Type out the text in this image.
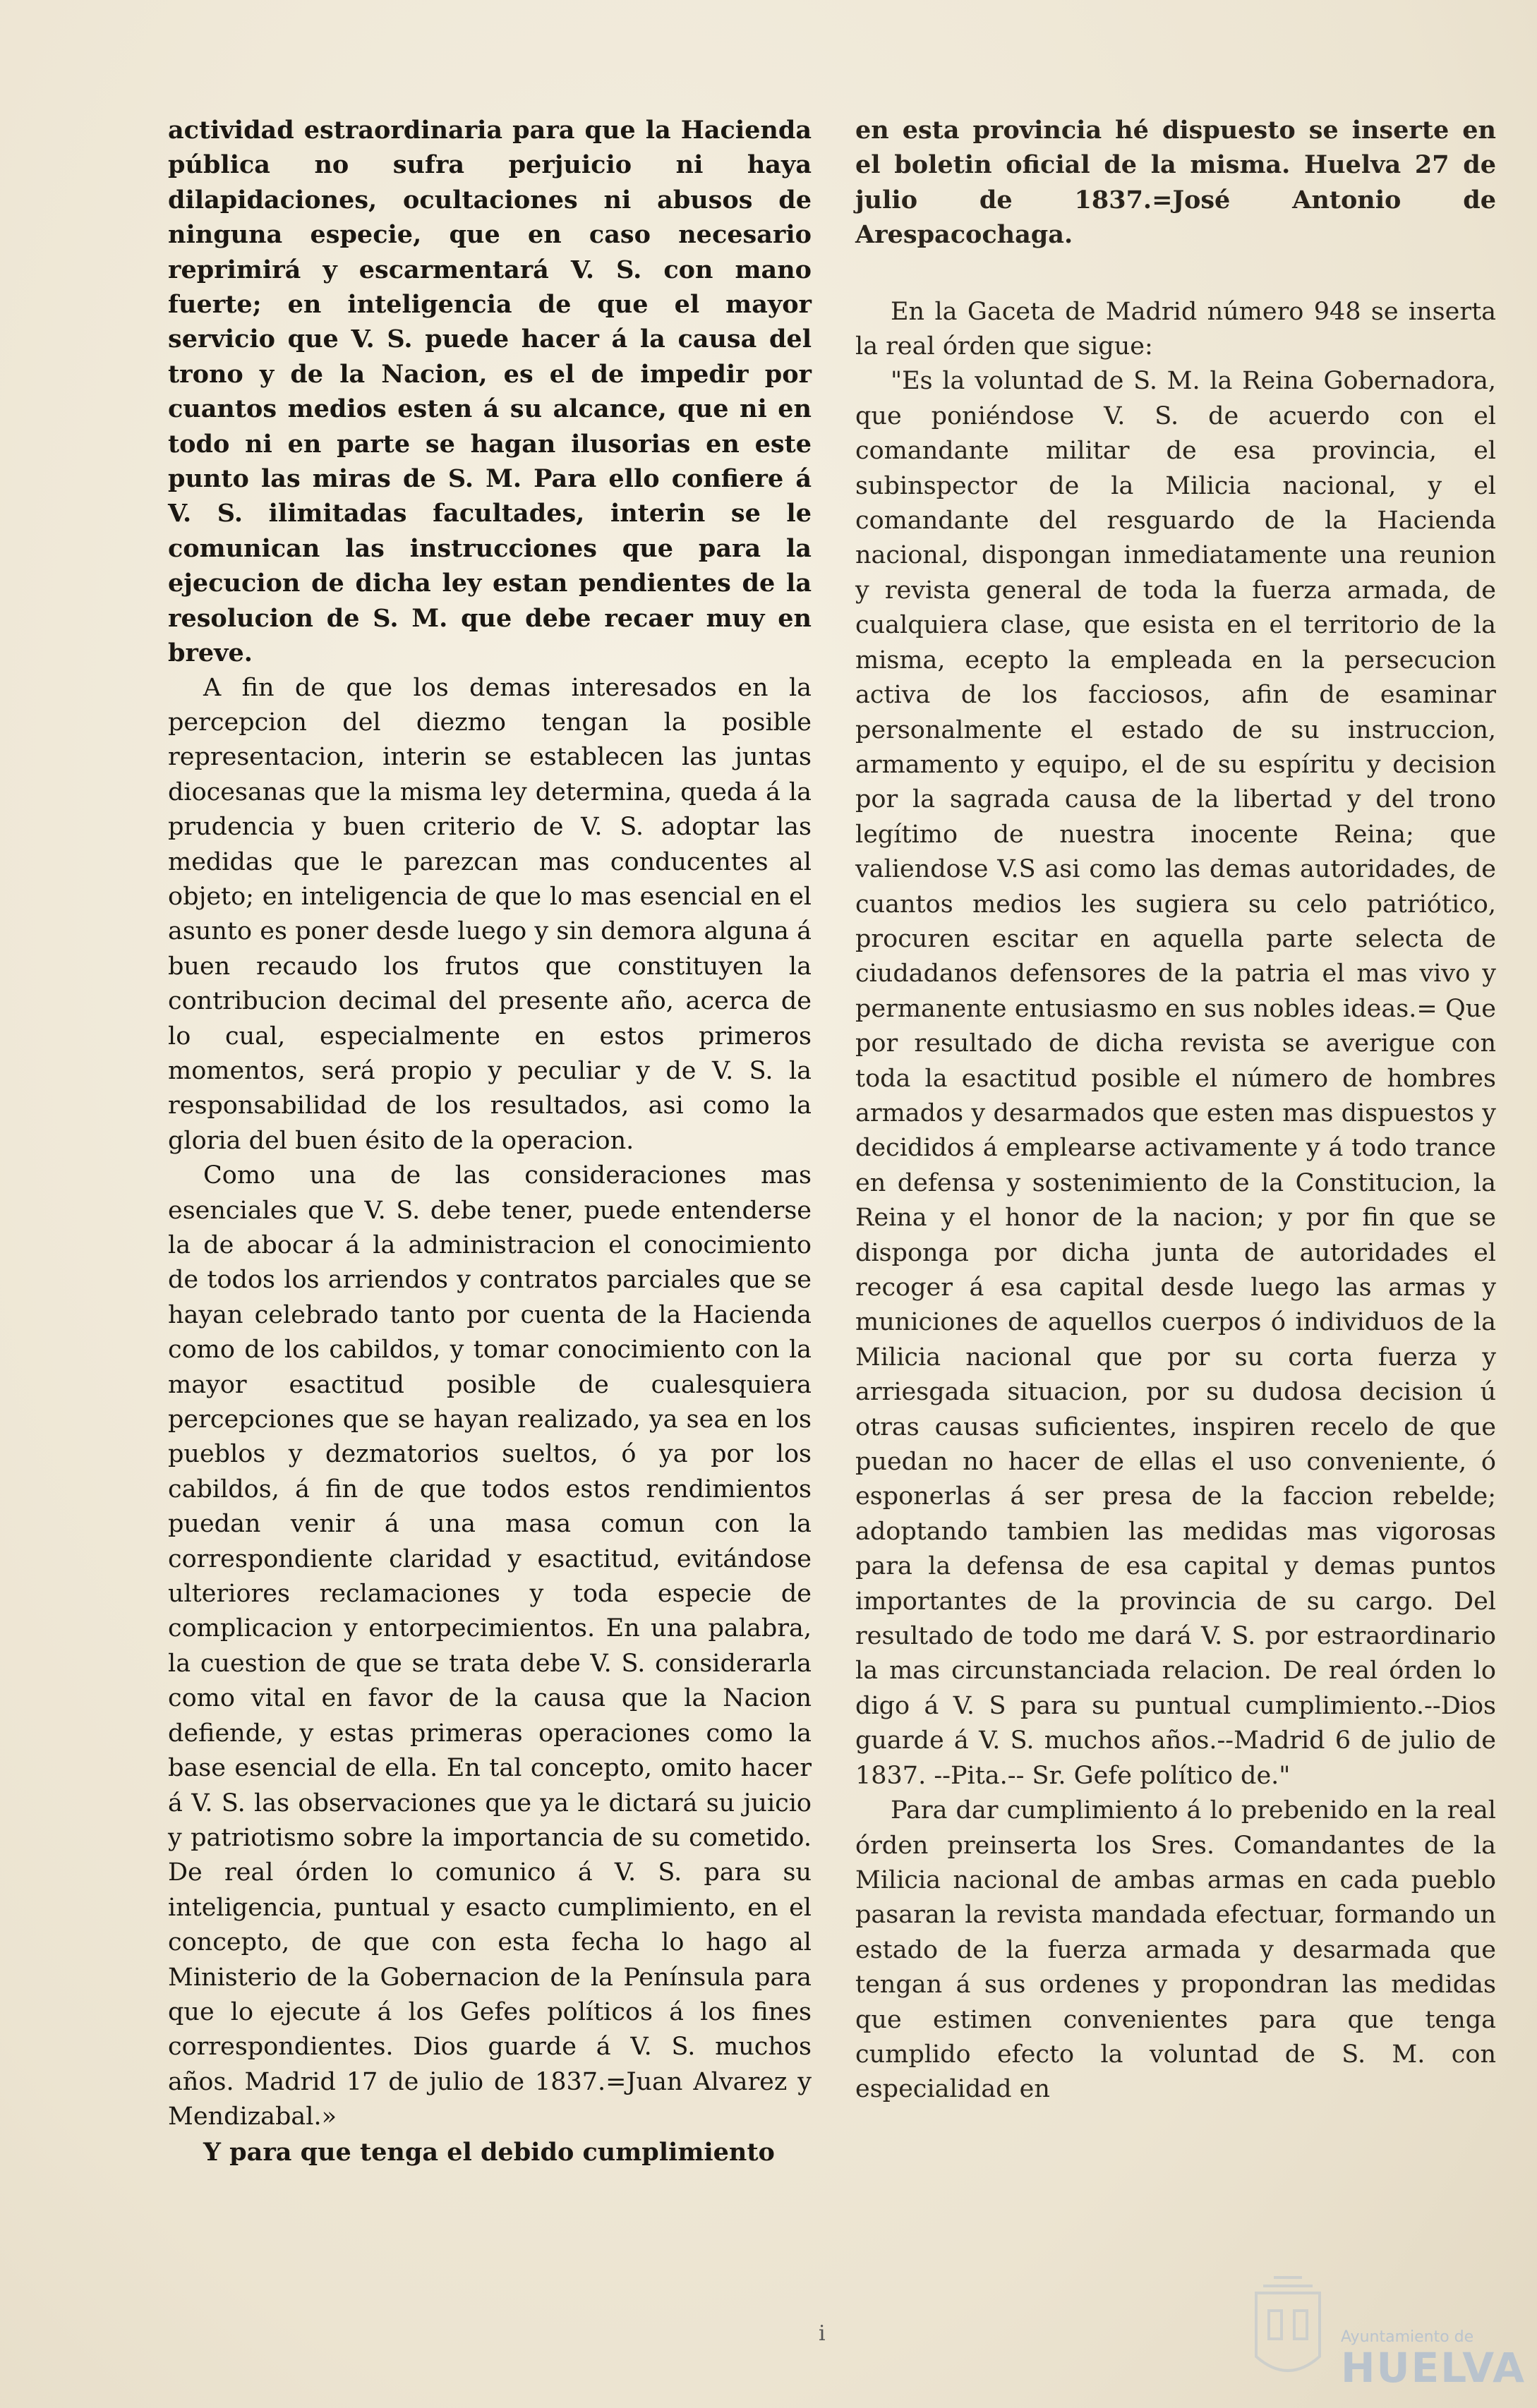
actividad estraordinaria para que la Hacienda pública no sufra perjuicio ni haya dilapidaciones, ocultaciones ni abusos de ninguna especie, que en caso necesario reprimirá y escarmentará V. S. con mano fuerte; en inteligencia de que el mayor servicio que V. S. puede hacer á la causa del trono y de la Nacion, es el de impedir por cuantos medios esten á su alcance, que ni en todo ni en parte se hagan ilusorias en este punto las miras de S. M. Para ello confiere á V. S. ilimitadas facultades, interin se le comunican las instrucciones que para la ejecucion de dicha ley estan pendientes de la resolucion de S. M. que debe recaer muy en breve.

A fin de que los demas interesados en la percepcion del diezmo tengan la posible representacion, interin se establecen las juntas diocesanas que la misma ley determina, queda á la prudencia y buen criterio de V. S. adoptar las medidas que le parezcan mas conducentes al objeto; en inteligencia de que lo mas esencial en el asunto es poner desde luego y sin demora alguna á buen recaudo los frutos que constituyen la contribucion decimal del presente año, acerca de lo cual, especialmente en estos primeros momentos, será propio y peculiar y de V. S. la responsabilidad de los resultados, asi como la gloria del buen ésito de la operacion.

Como una de las consideraciones mas esenciales que V. S. debe tener, puede entenderse la de abocar á la administracion el conocimiento de todos los arriendos y contratos parciales que se hayan celebrado tanto por cuenta de la Hacienda como de los cabildos, y tomar conocimiento con la mayor esactitud posible de cualesquiera percepciones que se hayan realizado, ya sea en los pueblos y dezmatorios sueltos, ó ya por los cabildos, á fin de que todos estos rendimientos puedan venir á una masa comun con la correspondiente claridad y esactitud, evitándose ulteriores reclamaciones y toda especie de complicacion y entorpecimientos. En una palabra, la cuestion de que se trata debe V. S. considerarla como vital en favor de la causa que la Nacion defiende, y estas primeras operaciones como la base esencial de ella. En tal concepto, omito hacer á V. S. las observaciones que ya le dictará su juicio y patriotismo sobre la importancia de su cometido. De real órden lo comunico á V. S. para su inteligencia, puntual y esacto cumplimiento, en el concepto, de que con esta fecha lo hago al Ministerio de la Gobernacion de la Península para que lo ejecute á los Gefes políticos á los fines correspondientes. Dios guarde á V. S. muchos años. Madrid 17 de julio de 1837.=Juan Alvarez y Mendizabal.»

Y para que tenga el debido cumplimiento

en esta provincia hé dispuesto se inserte en el boletin oficial de la misma. Huelva 27 de julio de 1837.=José Antonio de Arespacochaga.

En la Gaceta de Madrid número 948 se inserta la real órden que sigue:

"Es la voluntad de S. M. la Reina Gobernadora, que poniéndose V. S. de acuerdo con el comandante militar de esa provincia, el subinspector de la Milicia nacional, y el comandante del resguardo de la Hacienda nacional, dispongan inmediatamente una reunion y revista general de toda la fuerza armada, de cualquiera clase, que esista en el territorio de la misma, ecepto la empleada en la persecucion activa de los facciosos, afin de esaminar personalmente el estado de su instruccion, armamento y equipo, el de su espíritu y decision por la sagrada causa de la libertad y del trono legítimo de nuestra inocente Reina; que valiendose V.S asi como las demas autoridades, de cuantos medios les sugiera su celo patriótico, procuren escitar en aquella parte selecta de ciudadanos defensores de la patria el mas vivo y permanente entusiasmo en sus nobles ideas.= Que por resultado de dicha revista se averigue con toda la esactitud posible el número de hombres armados y desarmados que esten mas dispuestos y decididos á emplearse activamente y á todo trance en defensa y sostenimiento de la Constitucion, la Reina y el honor de la nacion; y por fin que se disponga por dicha junta de autoridades el recoger á esa capital desde luego las armas y municiones de aquellos cuerpos ó individuos de la Milicia nacional que por su corta fuerza y arriesgada situacion, por su dudosa decision ú otras causas suficientes, inspiren recelo de que puedan no hacer de ellas el uso conveniente, ó esponerlas á ser presa de la faccion rebelde; adoptando tambien las medidas mas vigorosas para la defensa de esa capital y demas puntos importantes de la provincia de su cargo. Del resultado de todo me dará V. S. por estraordinario la mas circunstanciada relacion. De real órden lo digo á V. S para su puntual cumplimiento.--Dios guarde á V. S. muchos años.--Madrid 6 de julio de 1837. --Pita.-- Sr. Gefe político de."

Para dar cumplimiento á lo prebenido en la real órden preinserta los Sres. Comandantes de la Milicia nacional de ambas armas en cada pueblo pasaran la revista mandada efectuar, formando un estado de la fuerza armada y desarmada que tengan á sus ordenes y propondran las medidas que estimen convenientes para que tenga cumplido efecto la voluntad de S. M. con especialidad en

i	Ayuntamiento de
HUELVA
